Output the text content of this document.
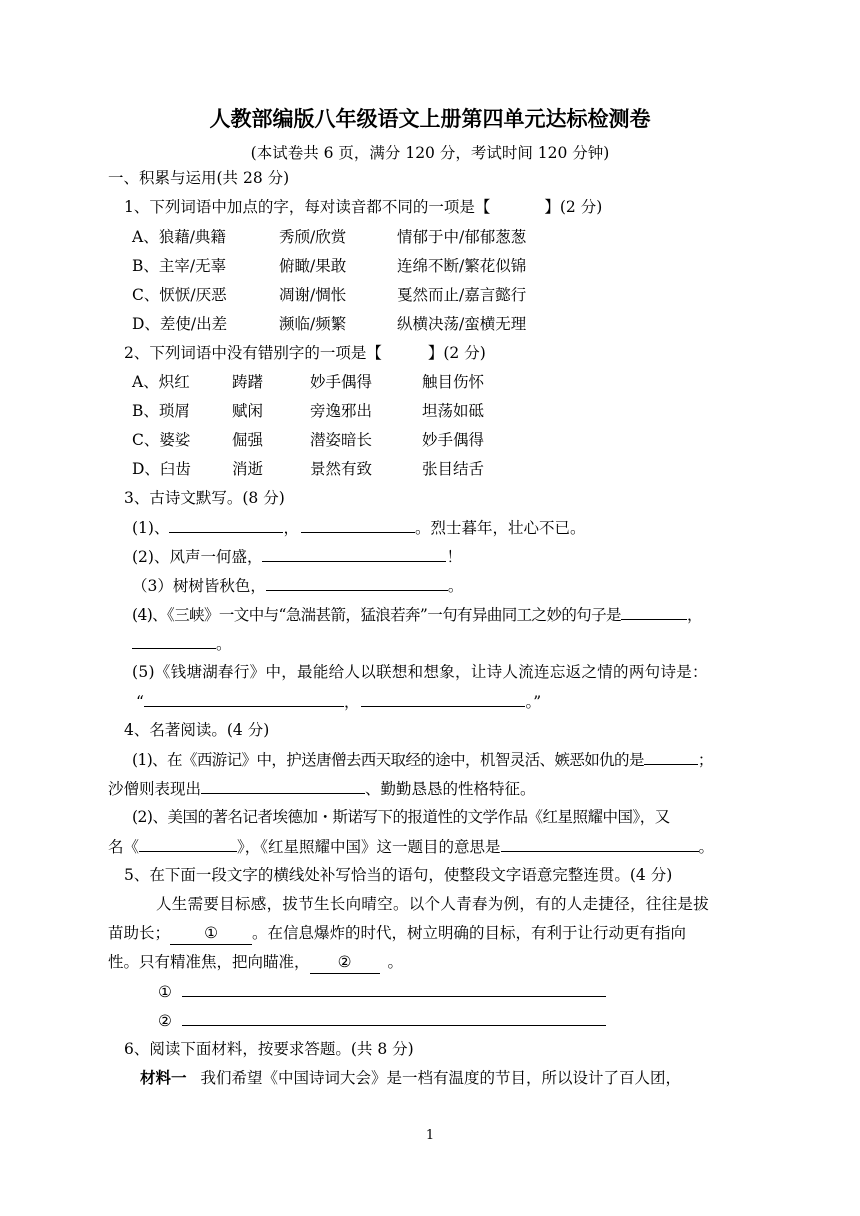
人教部编版八年级语文上册第四单元达标检测卷
(本试卷共 6 页，满分 120 分，考试时间 120 分钟)
一、积累与运用(共 28 分)
1、下列词语中加点的字，每对读音都不同的一项是【	】(2 分)
A、狼藉/典籍	秀颀/欣赏	情郁于中/郁郁葱葱
B、主宰/无辜	俯瞰/果敢	连绵不断/繁花似锦
C、恹恹/厌恶	凋谢/惆怅	戛然而止/嘉言懿行
D、差使/出差	濒临/频繁	纵横决荡/蛮横无理
2、下列词语中没有错别字的一项是【	】(2 分)
A、炽红	踌躇	妙手偶得	触目伤怀
B、琐屑	赋闲	旁逸邪出	坦荡如砥
C、婆娑	倔强	潜姿暗长	妙手偶得
D、臼齿	消逝	景然有致	张目结舌
3、古诗文默写。(8 分)
(1)、	，	。烈士暮年，壮心不已。
(2)、风声一何盛，	！
（3）树树皆秋色，	。
(4)、《三峡》一文中与“急湍甚箭，猛浪若奔”一句有异曲同工之妙的句子是	，
。
(5)《钱塘湖春行》中，最能给人以联想和想象，让诗人流连忘返之情的两句诗是：
“	，	。”
4、名著阅读。(4 分)
(1)、在《西游记》中，护送唐僧去西天取经的途中，机智灵活、嫉恶如仇的是	；
沙僧则表现出	、勤勤恳恳的性格特征。
(2)、美国的著名记者埃德加・斯诺写下的报道性的文学作品《红星照耀中国》，又
名《	》，《红星照耀中国》这一题目的意思是	。
5、在下面一段文字的横线处补写恰当的语句，使整段文字语意完整连贯。(4 分)
人生需要目标感，拔节生长向晴空。以个人青春为例，有的人走捷径，往往是拔
苗助长； ① 。在信息爆炸的时代，树立明确的目标，有利于让行动更有指向
性。只有精准焦，把向瞄准， ② 。
①
②
6、阅读下面材料，按要求答题。(共 8 分)
材料一 我们希望《中国诗词大会》是一档有温度的节目，所以设计了百人团，
1
